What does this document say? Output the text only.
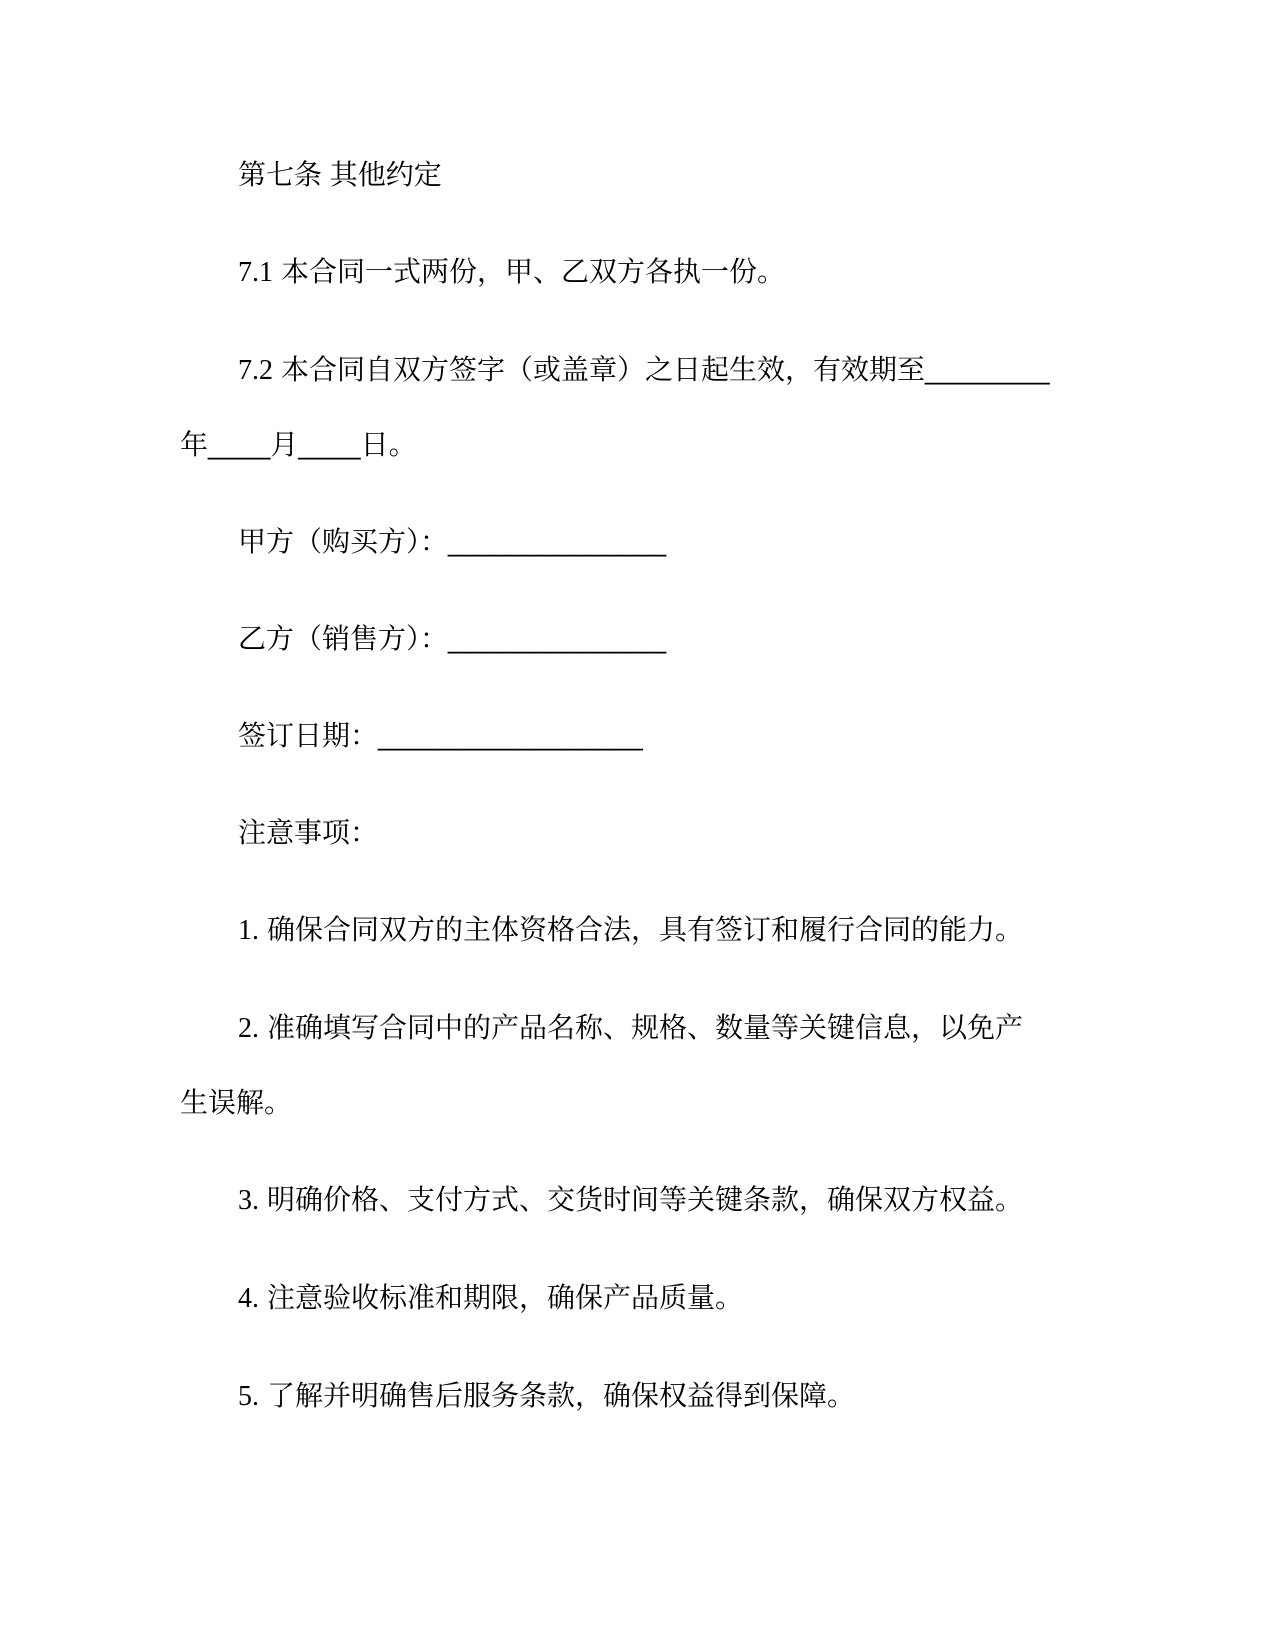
第七条 其他约定
7.1 本合同一式两份，甲、乙双方各执一份。
7.2 本合同自双方签字（或盖章）之日起生效，有效期至________
年____月____日。
甲方（购买方）：______________
乙方（销售方）：______________
签订日期：_________________
注意事项：
1. 确保合同双方的主体资格合法，具有签订和履行合同的能力。
2. 准确填写合同中的产品名称、规格、数量等关键信息，以免产
生误解。
3. 明确价格、支付方式、交货时间等关键条款，确保双方权益。
4. 注意验收标准和期限，确保产品质量。
5. 了解并明确售后服务条款，确保权益得到保障。
